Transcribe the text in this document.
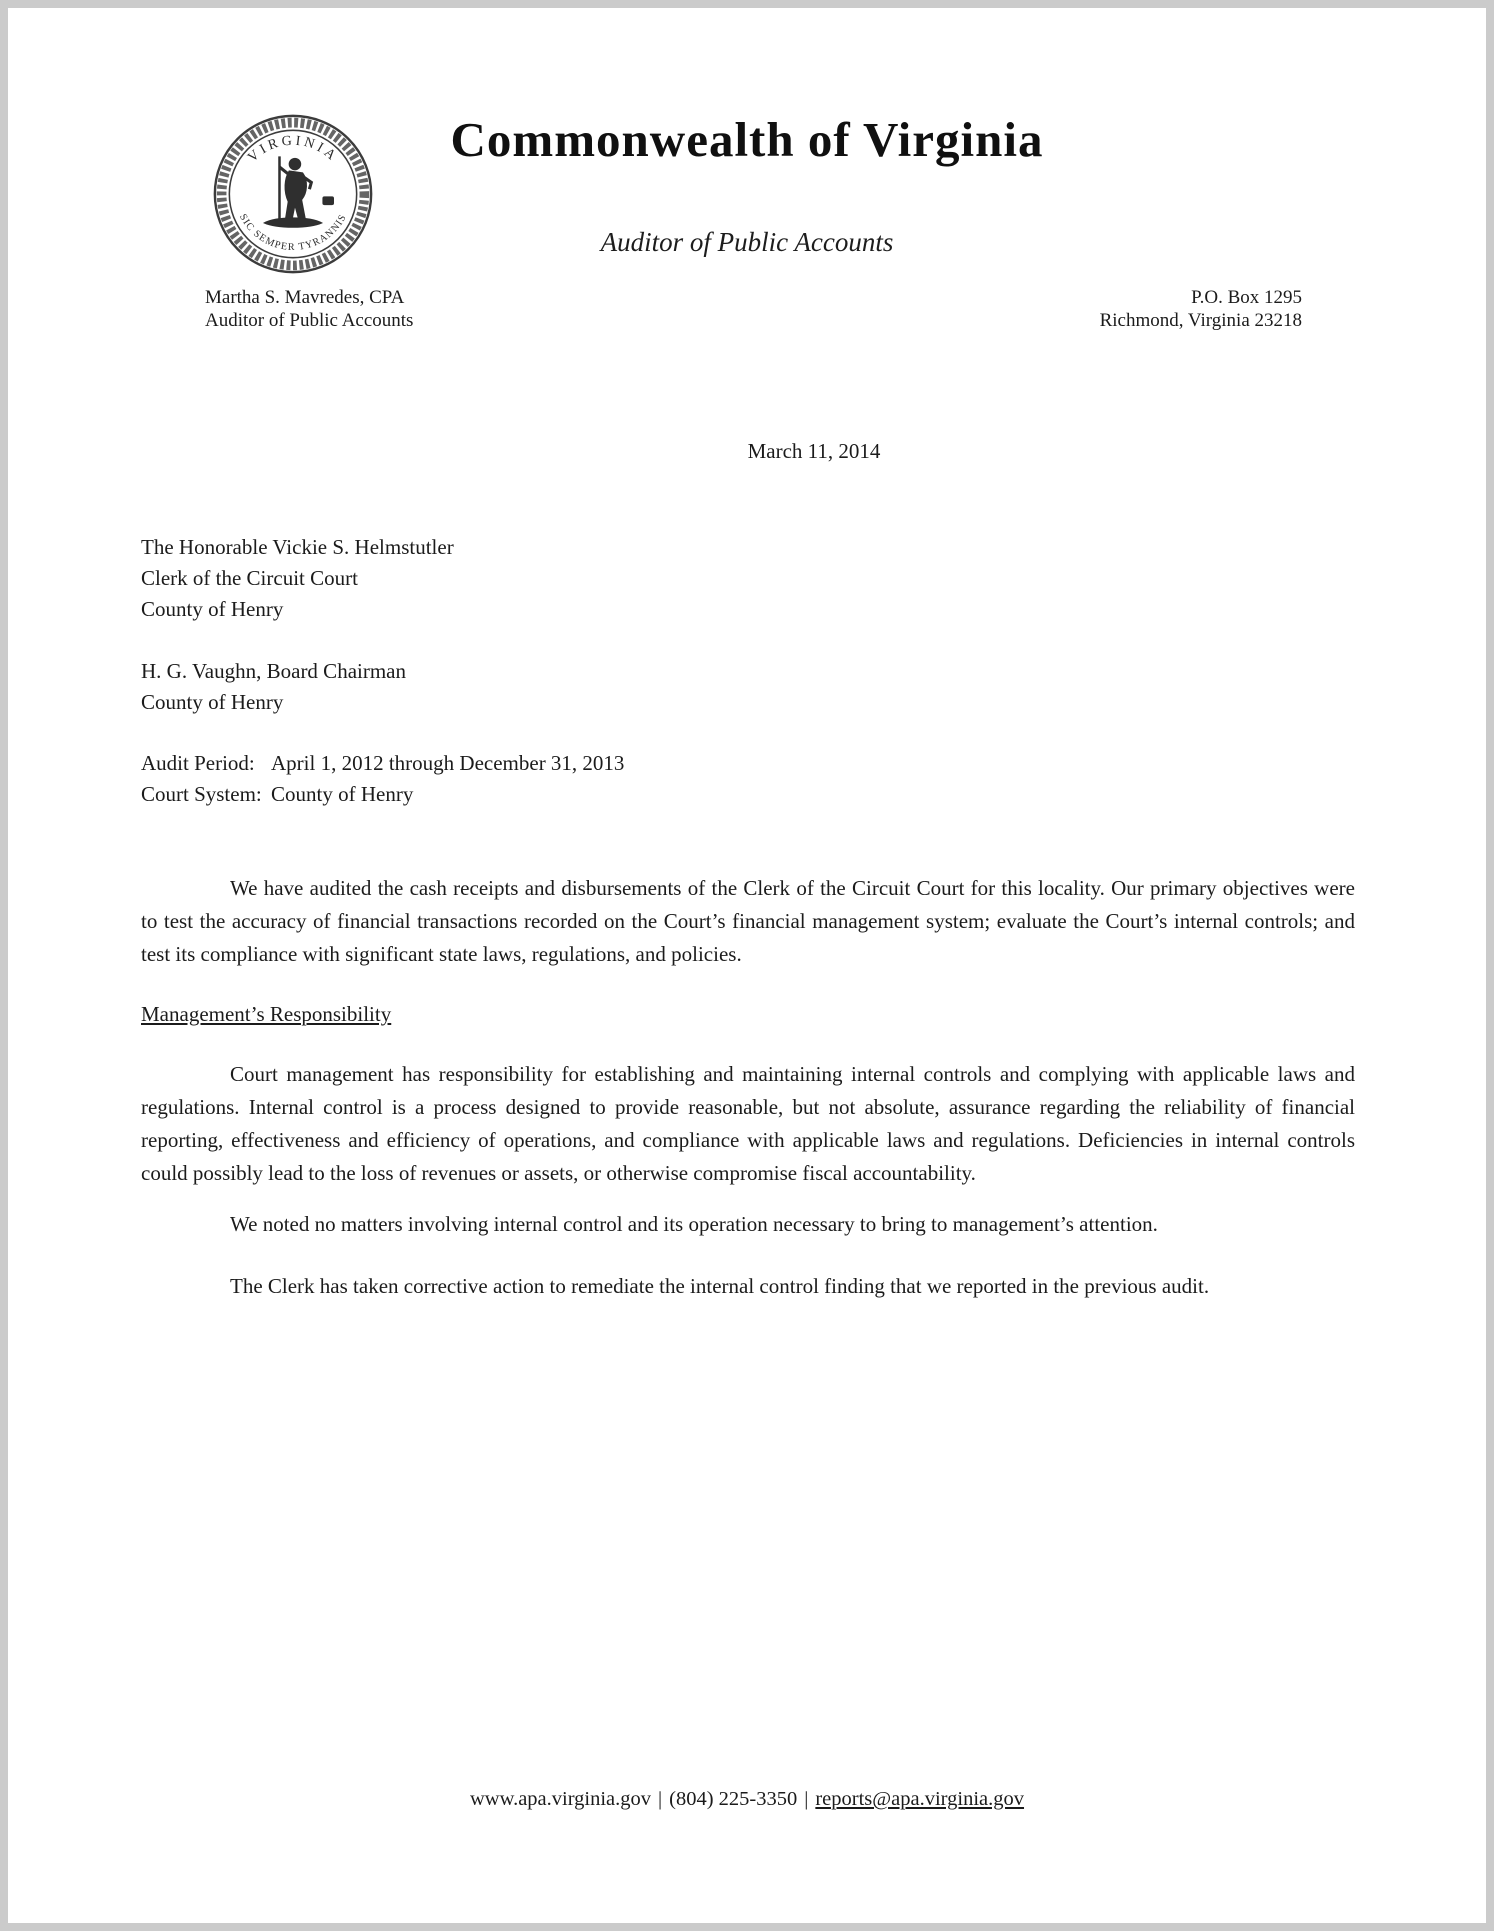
VIRGINIA
SIC SEMPER TYRANNIS
Commonwealth of Virginia
Auditor of Public Accounts
Martha S. Mavredes, CPA
Auditor of Public Accounts
P.O. Box 1295
Richmond, Virginia 23218
March 11, 2014
The Honorable Vickie S. Helmstutler
Clerk of the Circuit Court
County of Henry
H. G. Vaughn, Board Chairman
County of Henry
Audit Period: April 1, 2012 through December 31, 2013
Court System: County of Henry

We have audited the cash receipts and disbursements of the Clerk of the Circuit Court for this locality. Our primary objectives were to test the accuracy of financial transactions recorded on the Court’s financial management system; evaluate the Court’s internal controls; and test its compliance with significant state laws, regulations, and policies.

Management’s Responsibility

Court management has responsibility for establishing and maintaining internal controls and complying with applicable laws and regulations. Internal control is a process designed to provide reasonable, but not absolute, assurance regarding the reliability of financial reporting, effectiveness and efficiency of operations, and compliance with applicable laws and regulations. Deficiencies in internal controls could possibly lead to the loss of revenues or assets, or otherwise compromise fiscal accountability.

We noted no matters involving internal control and its operation necessary to bring to management’s attention.

The Clerk has taken corrective action to remediate the internal control finding that we reported in the previous audit.

www.apa.virginia.gov | (804) 225-3350 | reports@apa.virginia.gov
